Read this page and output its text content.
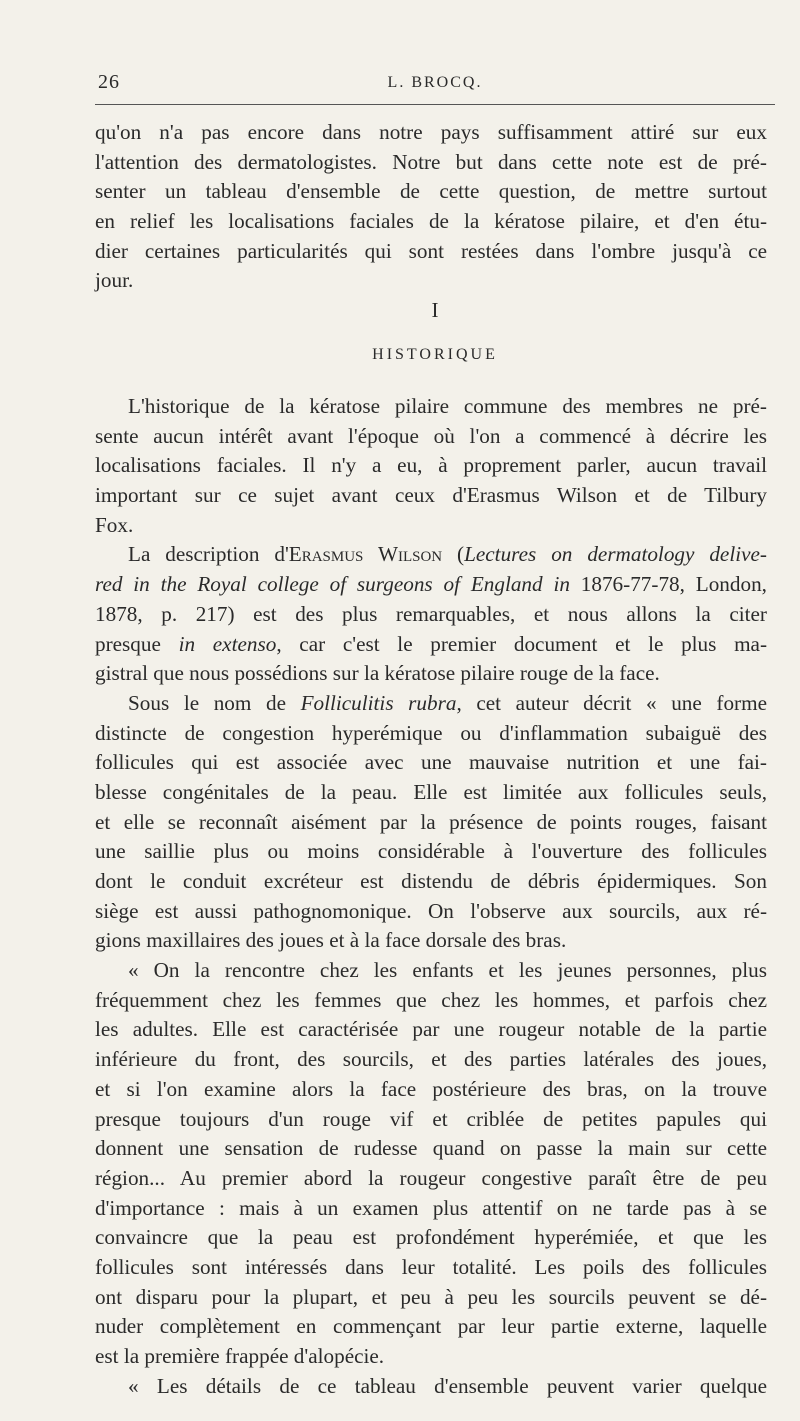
26	L. BROCQ.
qu'on n'a pas encore dans notre pays suffisamment attiré sur eux
l'attention des dermatologistes. Notre but dans cette note est de pré-
senter un tableau d'ensemble de cette question, de mettre surtout
en relief les localisations faciales de la kératose pilaire, et d'en étu-
dier certaines particularités qui sont restées dans l'ombre jusqu'à ce
jour.
I
HISTORIQUE
L'historique de la kératose pilaire commune des membres ne pré-
sente aucun intérêt avant l'époque où l'on a commencé à décrire les
localisations faciales. Il n'y a eu, à proprement parler, aucun travail
important sur ce sujet avant ceux d'Erasmus Wilson et de Tilbury
Fox.
La description d'Erasmus Wilson (Lectures on dermatology delive-
red in the Royal college of surgeons of England in 1876-77-78, London,
1878, p. 217) est des plus remarquables, et nous allons la citer
presque in extenso, car c'est le premier document et le plus ma-
gistral que nous possédions sur la kératose pilaire rouge de la face.
Sous le nom de Folliculitis rubra, cet auteur décrit « une forme
distincte de congestion hyperémique ou d'inflammation subaiguë des
follicules qui est associée avec une mauvaise nutrition et une fai-
blesse congénitales de la peau. Elle est limitée aux follicules seuls,
et elle se reconnaît aisément par la présence de points rouges, faisant
une saillie plus ou moins considérable à l'ouverture des follicules
dont le conduit excréteur est distendu de débris épidermiques. Son
siège est aussi pathognomonique. On l'observe aux sourcils, aux ré-
gions maxillaires des joues et à la face dorsale des bras.
« On la rencontre chez les enfants et les jeunes personnes, plus
fréquemment chez les femmes que chez les hommes, et parfois chez
les adultes. Elle est caractérisée par une rougeur notable de la partie
inférieure du front, des sourcils, et des parties latérales des joues,
et si l'on examine alors la face postérieure des bras, on la trouve
presque toujours d'un rouge vif et criblée de petites papules qui
donnent une sensation de rudesse quand on passe la main sur cette
région... Au premier abord la rougeur congestive paraît être de peu
d'importance : mais à un examen plus attentif on ne tarde pas à se
convaincre que la peau est profondément hyperémiée, et que les
follicules sont intéressés dans leur totalité. Les poils des follicules
ont disparu pour la plupart, et peu à peu les sourcils peuvent se dé-
nuder complètement en commençant par leur partie externe, laquelle
est la première frappée d'alopécie.
« Les détails de ce tableau d'ensemble peuvent varier quelque
